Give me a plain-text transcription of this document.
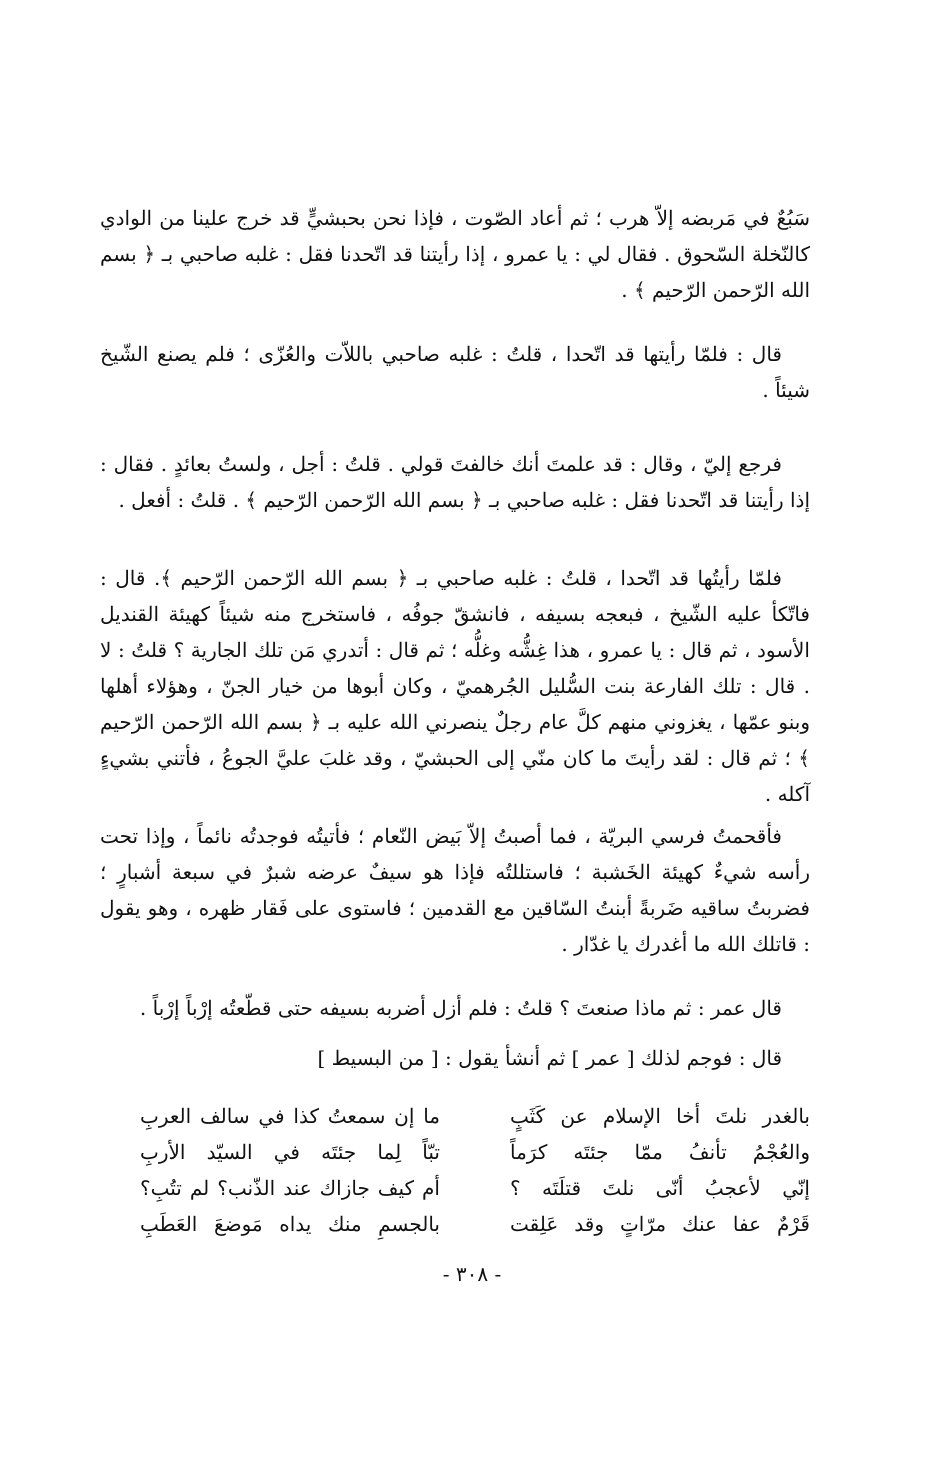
سَبُعٌ في مَربضه إلاّ هرب ؛ ثم أعاد الصّوت ، فإذا نحن بحبشيٍّ قد خرج علينا من الوادي كالنّخلة السّحوق . فقال لي : يا عمرو ، إذا رأيتنا قد اتّحدنا فقل : غلبه صاحبي بـ ﴿ بسم الله الرّحمن الرّحيم ﴾ .

قال : فلمّا رأيتها قد اتّحدا ، قلتُ : غلبه صاحبي باللاّت والعُزّى ؛ فلم يصنع الشّيخ شيئاً .

فرجع إليّ ، وقال : قد علمتَ أنك خالفتَ قولي . قلتُ : أجل ، ولستُ بعائدٍ . فقال : إذا رأيتنا قد اتّحدنا فقل : غلبه صاحبي بـ ﴿ بسم الله الرّحمن الرّحيم ﴾ . قلتُ : أفعل .

فلمّا رأيتُها قد اتّحدا ، قلتُ : غلبه صاحبي بـ ﴿ بسم الله الرّحمن الرّحيم ﴾. قال : فاتّكأ عليه الشّيخ ، فبعجه بسيفه ، فانشقّ جوفُه ، فاستخرج منه شيئاً كهيئة القنديل الأسود ، ثم قال : يا عمرو ، هذا غِشُّه وغلُّه ؛ ثم قال : أتدري مَن تلك الجارية ؟ قلتُ : لا . قال : تلك الفارعة بنت السُّليل الجُرهميّ ، وكان أبوها من خيار الجنّ ، وهؤلاء أهلها وبنو عمّها ، يغزوني منهم كلَّ عام رجلٌ ينصرني الله عليه بـ ﴿ بسم الله الرّحمن الرّحيم ﴾ ؛ ثم قال : لقد رأيتَ ما كان منّي إلى الحبشيّ ، وقد غلبَ عليَّ الجوعُ ، فأتني بشيءٍ آكله .

فأقحمتُ فرسي البريّة ، فما أصبتُ إلاّ بَيض النّعام ؛ فأتيتُه فوجدتُه نائماً ، وإذا تحت رأسه شيءٌ كهيئة الخَشبة ؛ فاستللتُه فإذا هو سيفٌ عرضه شبرٌ في سبعة أشبارٍ ؛ فضربتُ ساقيه ضَربةً أبنتُ السّاقين مع القدمين ؛ فاستوى على فَقار ظهره ، وهو يقول : قاتلك الله ما أغدرك يا غدّار .

قال عمر : ثم ماذا صنعتَ ؟ قلتُ : فلم أزل أضربه بسيفه حتى قطّعتُه إرْباً إرْباً .

قال : فوجم لذلك [ عمر ] ثم أنشأ يقول : [ من البسيط ]

بالغدر نلتَ أخا الإسلام عن كَثَبٍ
ما إن سمعتُ كذا في سالف العربِ
والعُجْمُ تأنفُ ممّا جئتَه كرَماً
تبّاً لِما جئتَه في السيّد الأربِ
إنّي لأعجبُ أنّى نلتَ قتلَتَه ؟
أم كيف جازاك عند الذّنب؟ لم تتُبِ؟
قَرْمٌ عفا عنك مرّاتٍ وقد عَلِقت
بالجسمِ منك يداه مَوضعَ العَطَبِ
- ٣٠٨ -
